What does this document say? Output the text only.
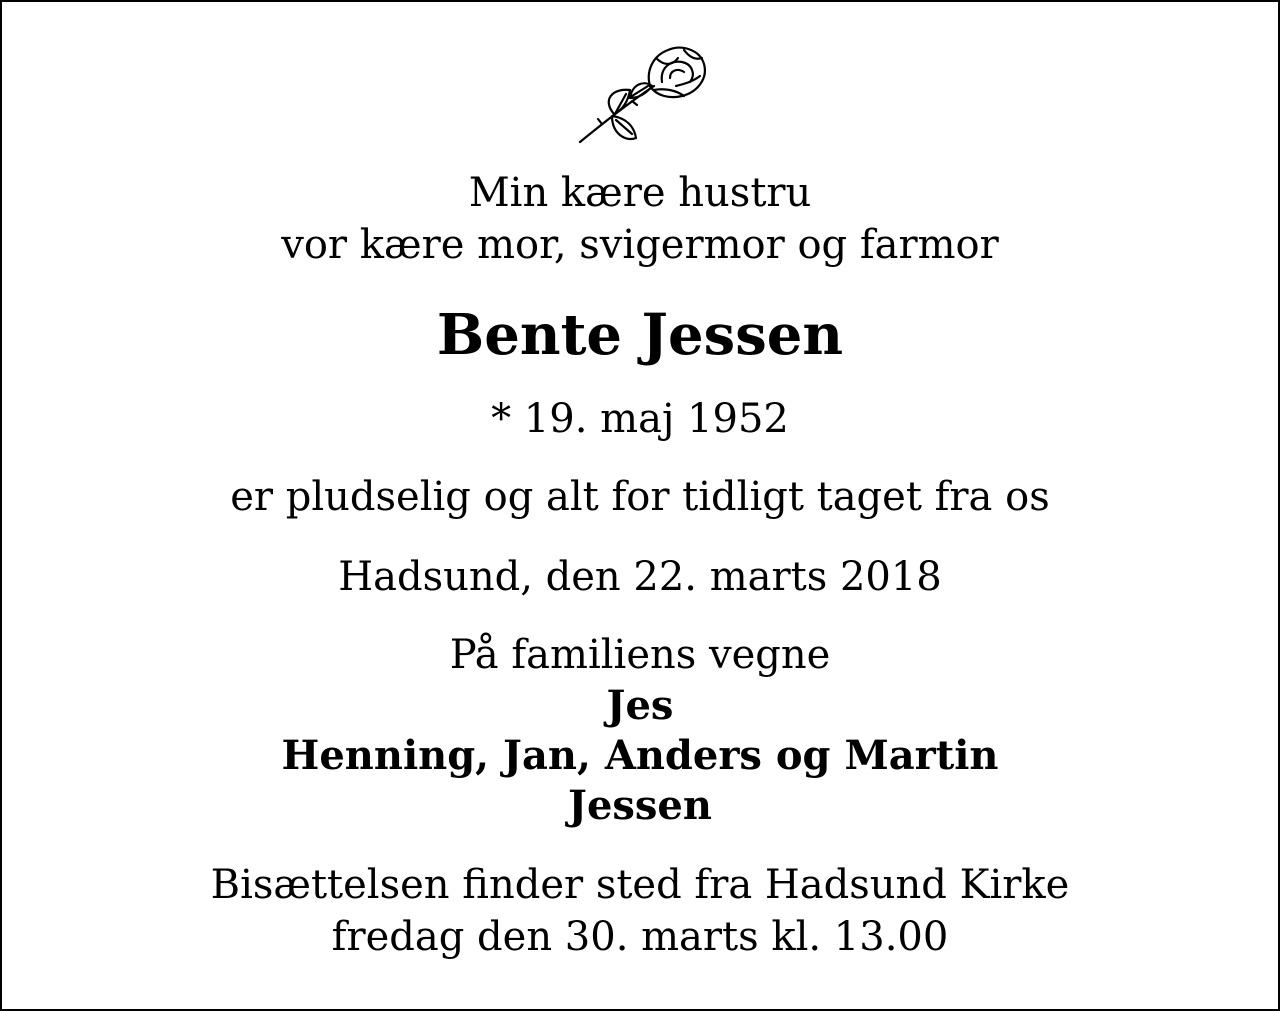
Min kære hustru
vor kære mor, svigermor og farmor
Bente Jessen
* 19. maj 1952
er pludselig og alt for tidligt taget fra os
Hadsund, den 22. marts 2018
På familiens vegne
Jes
Henning, Jan, Anders og Martin
Jessen
Bisættelsen finder sted fra Hadsund Kirke
fredag den 30. marts kl. 13.00
